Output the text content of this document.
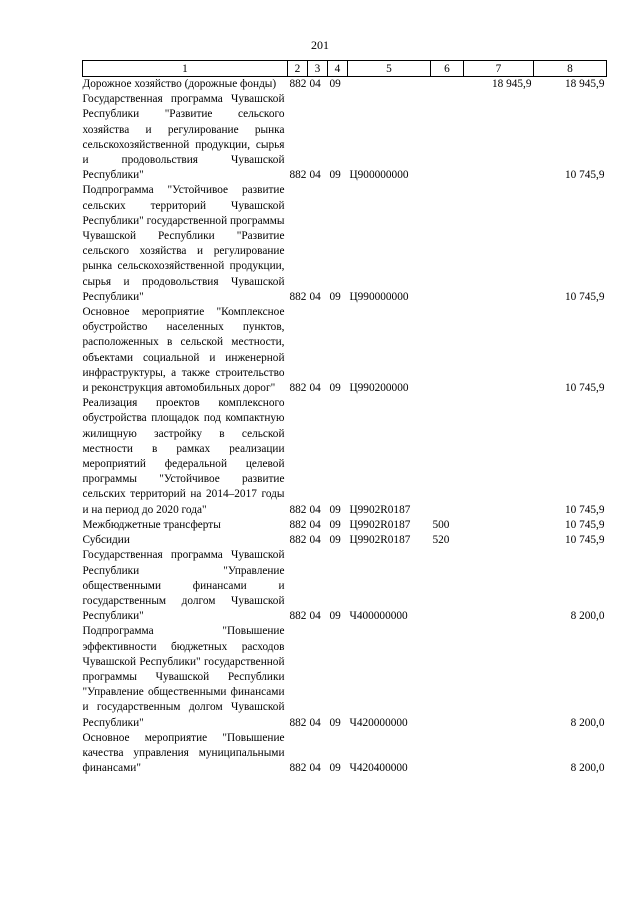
201
1	2	3	4	5	6	7	8
Дорожное хозяйство (дорожные фонды)	882	04	09			18 945,9	18 945,9
Государственная программа Чувашской Республики "Развитие сельского хозяйства и регулирование рынка сельскохозяйственной продукции, сырья и продовольствия Чувашской Республики"	882	04	09	Ц900000000			10 745,9
Подпрограмма "Устойчивое развитие сельских территорий Чувашской Республики" государственной программы Чувашской Республики "Развитие сельского хозяйства и регулирование рынка сельскохозяйственной продукции, сырья и продовольствия Чувашской Республики"	882	04	09	Ц990000000			10 745,9
Основное мероприятие "Комплексное обустройство населенных пунктов, расположенных в сельской местности, объектами социальной и инженерной инфраструктуры, а также строительство и реконструкция автомобильных дорог"	882	04	09	Ц990200000			10 745,9
Реализация проектов комплексного обустройства площадок под компактную жилищную застройку в сельской местности в рамках реализации мероприятий федеральной целевой программы "Устойчивое развитие сельских территорий на 2014–2017 годы и на период до 2020 года"	882	04	09	Ц9902R0187			10 745,9
Межбюджетные трансферты	882	04	09	Ц9902R0187	500		10 745,9
Субсидии	882	04	09	Ц9902R0187	520		10 745,9
Государственная программа Чувашской Республики "Управление общественными финансами и государственным долгом Чувашской Республики"	882	04	09	Ч400000000			8 200,0
Подпрограмма "Повышение эффективности бюджетных расходов Чувашской Республики" государственной программы Чувашской Республики "Управление общественными финансами и государственным долгом Чувашской Республики"	882	04	09	Ч420000000			8 200,0
Основное мероприятие "Повышение качества управления муниципальными финансами"	882	04	09	Ч420400000			8 200,0
